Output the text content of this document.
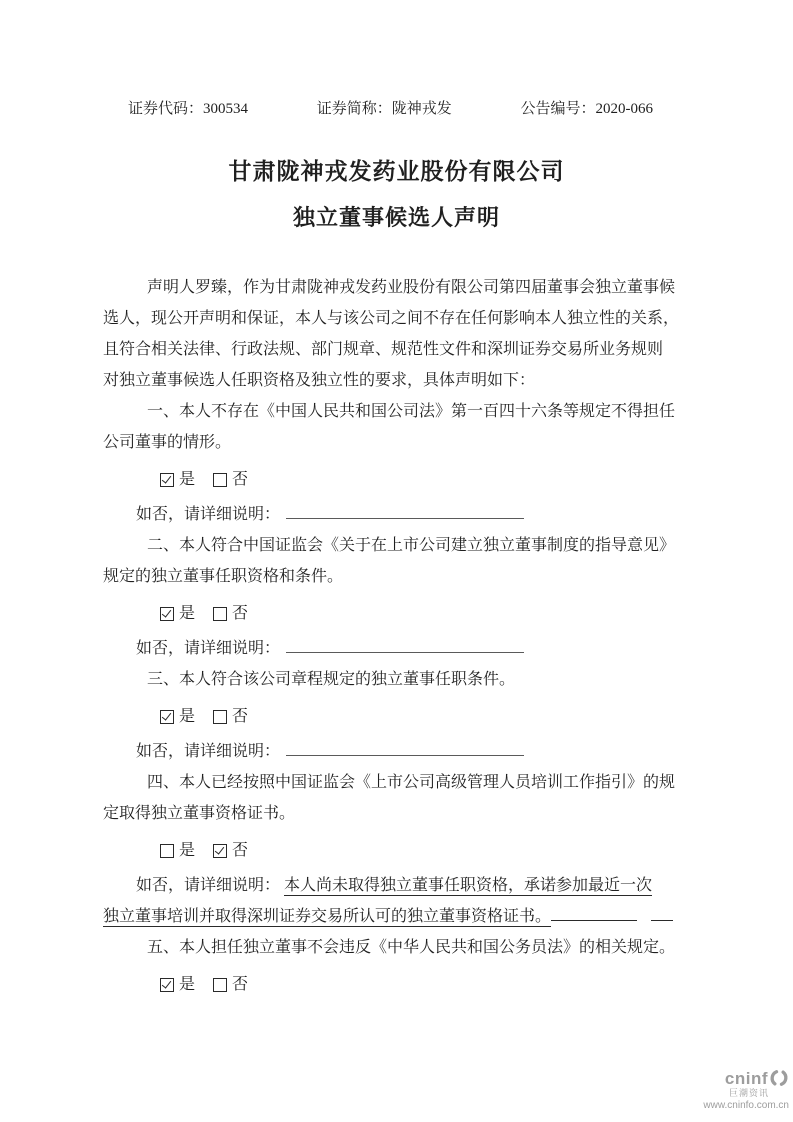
证券代码：300534	证券简称：陇神戎发	公告编号：2020-066
甘肃陇神戎发药业股份有限公司
独立董事候选人声明
声明人罗臻，作为甘肃陇神戎发药业股份有限公司第四届董事会独立董事候
选人，现公开声明和保证，本人与该公司之间不存在任何影响本人独立性的关系，
且符合相关法律、行政法规、部门规章、规范性文件和深圳证券交易所业务规则
对独立董事候选人任职资格及独立性的要求，具体声明如下：
一、本人不存在《中国人民共和国公司法》第一百四十六条等规定不得担任
公司董事的情形。
是 否
如否，请详细说明：
二、本人符合中国证监会《关于在上市公司建立独立董事制度的指导意见》
规定的独立董事任职资格和条件。
是 否
如否，请详细说明：
三、本人符合该公司章程规定的独立董事任职条件。
是 否
如否，请详细说明：
四、本人已经按照中国证监会《上市公司高级管理人员培训工作指引》的规
定取得独立董事资格证书。
是 否
如否，请详细说明： 本人尚未取得独立董事任职资格，承诺参加最近一次
独立董事培训并取得深圳证券交易所认可的独立董事资格证书。
五、本人担任独立董事不会违反《中华人民共和国公务员法》的相关规定。
是 否
cninf
巨潮资讯
www.cninfo.com.cn
